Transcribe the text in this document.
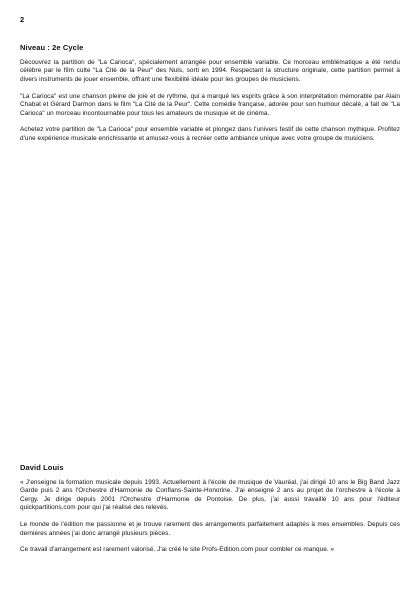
2
Niveau : 2e Cycle

Découvrez la partition de "La Carioca", spécialement arrangée pour ensemble variable. Ce morceau emblématique a été rendu célèbre par le film culte "La Cité de la Peur" des Nuls, sorti en 1994. Respectant la structure originale, cette partition permet à divers instruments de jouer ensemble, offrant une flexibilité idéale pour les groupes de musiciens.

"La Carioca" est une chanson pleine de joie et de rythme, qui a marqué les esprits grâce à son interprétation mémorable par Alain Chabat et Gérard Darmon dans le film "La Cité de la Peur". Cette comédie française, adorée pour son humour décalé, a fait de "La Carioca" un morceau incontournable pour tous les amateurs de musique et de cinéma.

Achetez votre partition de "La Carioca" pour ensemble variable et plongez dans l'univers festif de cette chanson mythique. Profitez d'une expérience musicale enrichissante et amusez-vous à recréer cette ambiance unique avec votre groupe de musiciens.

David Louis

« J'enseigne la formation musicale depuis 1993. Actuellement à l'école de musique de Vauréal, j'ai dirigé 10 ans le Big Band Jazz Garde puis 2 ans l'Orchestre d'Harmonie de Conflans-Sainte-Honorine. J'ai enseigné 2 ans au projet de l'orchestre à l'école à Cergy. Je dirige depuis 2001 l'Orchestre d'Harmonie de Pontoise. De plus, j'ai aussi travaillé 10 ans pour l'éditeur quickpartitions.com pour qui j'ai réalisé des relevés.

Le monde de l'édition me passionne et je trouve rarement des arrangements parfaitement adaptés à mes ensembles. Depuis ces dernières années j'ai donc arrangé plusieurs pièces.

Ce travail d'arrangement est rarement valorisé. J'ai créé le site Profs-Edition.com pour combler ce manque. »
